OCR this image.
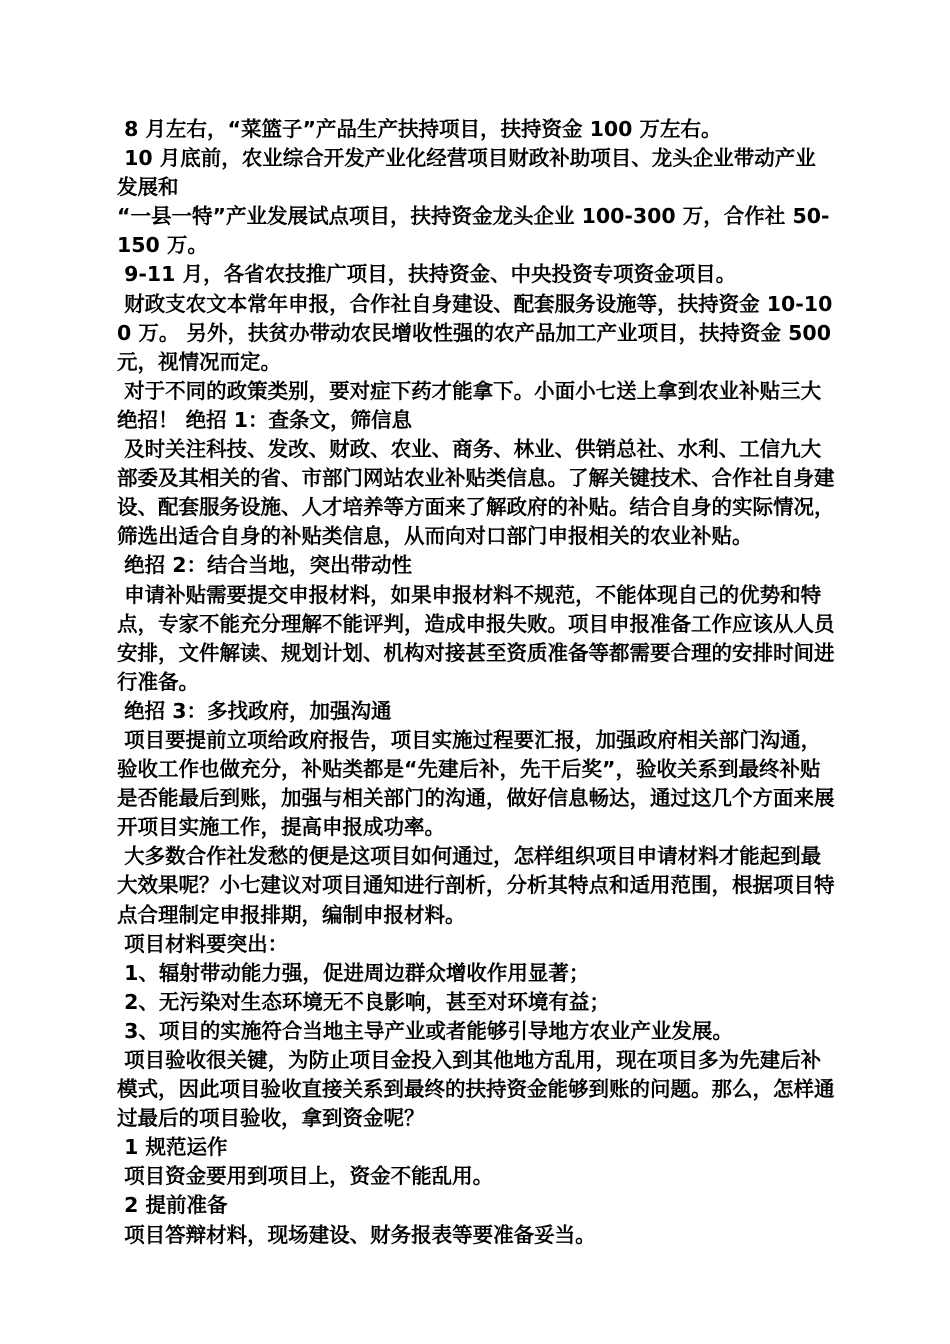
8 月左右，“菜篮子”产品生产扶持项目，扶持资金 100 万左右。

10 月底前，农业综合开发产业化经营项目财政补助项目、龙头企业带动产业发展和

“一县一特”产业发展试点项目，扶持资金龙头企业 100-300 万，合作社 50-150 万。

9-11 月，各省农技推广项目，扶持资金、中央投资专项资金项目。

财政支农文本常年申报，合作社自身建设、配套服务设施等，扶持资金 10-100 万。 另外，扶贫办带动农民增收性强的农产品加工产业项目，扶持资金 500 元，视情况而定。

对于不同的政策类别，要对症下药才能拿下。小面小七送上拿到农业补贴三大绝招！ 绝招 1：查条文，筛信息

及时关注科技、发改、财政、农业、商务、林业、供销总社、水利、工信九大部委及其相关的省、市部门网站农业补贴类信息。了解关键技术、合作社自身建设、配套服务设施、人才培养等方面来了解政府的补贴。结合自身的实际情况，筛选出适合自身的补贴类信息，从而向对口部门申报相关的农业补贴。

绝招 2：结合当地，突出带动性

申请补贴需要提交申报材料，如果申报材料不规范，不能体现自己的优势和特点，专家不能充分理解不能评判，造成申报失败。项目申报准备工作应该从人员安排，文件解读、规划计划、机构对接甚至资质准备等都需要合理的安排时间进行准备。

绝招 3：多找政府，加强沟通

项目要提前立项给政府报告，项目实施过程要汇报，加强政府相关部门沟通，验收工作也做充分，补贴类都是“先建后补，先干后奖”，验收关系到最终补贴是否能最后到账，加强与相关部门的沟通，做好信息畅达，通过这几个方面来展开项目实施工作，提高申报成功率。

大多数合作社发愁的便是这项目如何通过，怎样组织项目申请材料才能起到最大效果呢？小七建议对项目通知进行剖析，分析其特点和适用范围，根据项目特点合理制定申报排期，编制申报材料。

项目材料要突出：

1、辐射带动能力强，促进周边群众增收作用显著；

2、无污染对生态环境无不良影响，甚至对环境有益；

3、项目的实施符合当地主导产业或者能够引导地方农业产业发展。

项目验收很关键，为防止项目金投入到其他地方乱用，现在项目多为先建后补模式，因此项目验收直接关系到最终的扶持资金能够到账的问题。那么，怎样通过最后的项目验收，拿到资金呢？

1 规范运作

项目资金要用到项目上，资金不能乱用。

2 提前准备

项目答辩材料，现场建设、财务报表等要准备妥当。
